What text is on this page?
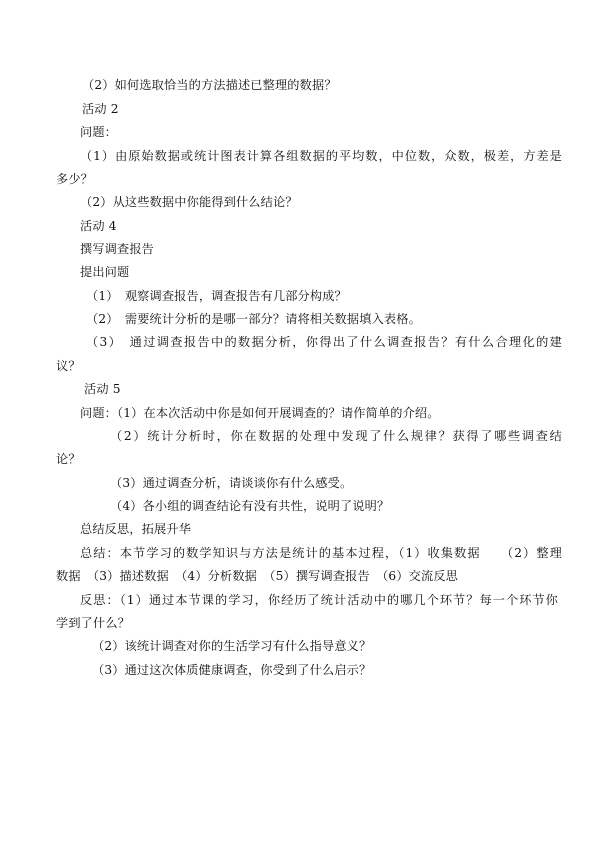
（2）如何选取恰当的方法描述已整理的数据？
活动 2
问题：
（1）由原始数据或统计图表计算各组数据的平均数，中位数，众数，极差，方差是
多少？
（2）从这些数据中你能得到什么结论？
活动 4
撰写调查报告
提出问题
（1）　观察调查报告，调查报告有几部分构成？
（2）　需要统计分析的是哪一部分？请将相关数据填入表格。
（3）　通过调查报告中的数据分析，你得出了什么调查报告？有什么合理化的建
议？
活动 5
问题：（1）在本次活动中你是如何开展调查的？请作简单的介绍。
（2）统计分析时，你在数据的处理中发现了什么规律？获得了哪些调查结
论？
（3）通过调查分析，请谈谈你有什么感受。
（4）各小组的调查结论有没有共性，说明了说明？
总结反思，拓展升华
总结：本节学习的数学知识与方法是统计的基本过程，（1）收集数据　　（2）整理
数据　（3）描述数据　（4）分析数据　（5）撰写调查报告　（6）交流反思
反思：（1）通过本节课的学习，你经历了统计活动中的哪几个环节？每一个环节你
学到了什么？
（2）该统计调查对你的生活学习有什么指导意义？
（3）通过这次体质健康调查，你受到了什么启示？
